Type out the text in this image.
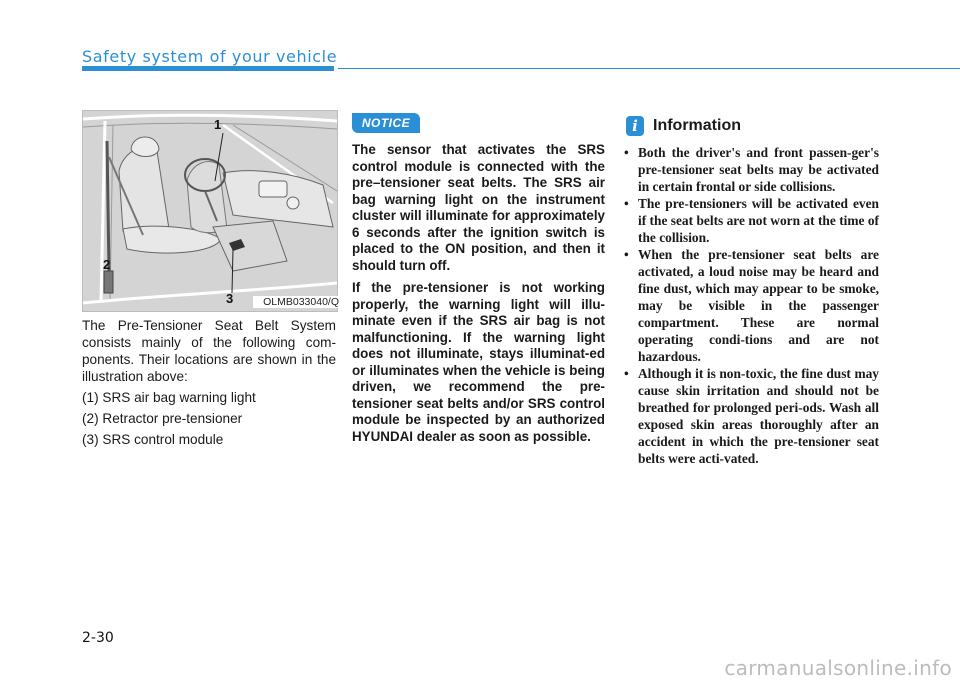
Safety system of your vehicle
1
2
3	OLMB033040/Q

The Pre-Tensioner Seat Belt System consists mainly of the following com-ponents. Their locations are shown in the illustration above:

(1) SRS air bag warning light

(2) Retractor pre-tensioner

(3) SRS control module

NOTICE

The sensor that activates the SRS control module is connected with the pre–tensioner seat belts. The SRS air bag warning light on the instrument cluster will illuminate for approximately 6 seconds after the ignition switch is placed to the ON position, and then it should turn off.

If the pre-tensioner is not working properly, the warning light will illu-minate even if the SRS air bag is not malfunctioning. If the warning light does not illuminate, stays illuminat-ed or illuminates when the vehicle is being driven, we recommend the pre-tensioner seat belts and/or SRS control module be inspected by an authorized HYUNDAI dealer as soon as possible.

i Information
• Both the driver's and front passen-ger's pre-tensioner seat belts may be activated in certain frontal or side collisions.
• The pre-tensioners will be activated even if the seat belts are not worn at the time of the collision.
• When the pre-tensioner seat belts are activated, a loud noise may be heard and fine dust, which may appear to be smoke, may be visible in the passenger compartment. These are normal operating condi-tions and are not hazardous.
• Although it is non-toxic, the fine dust may cause skin irritation and should not be breathed for prolonged peri-ods. Wash all exposed skin areas thoroughly after an accident in which the pre-tensioner seat belts were acti-vated.
2-30
carmanualsonline.info
